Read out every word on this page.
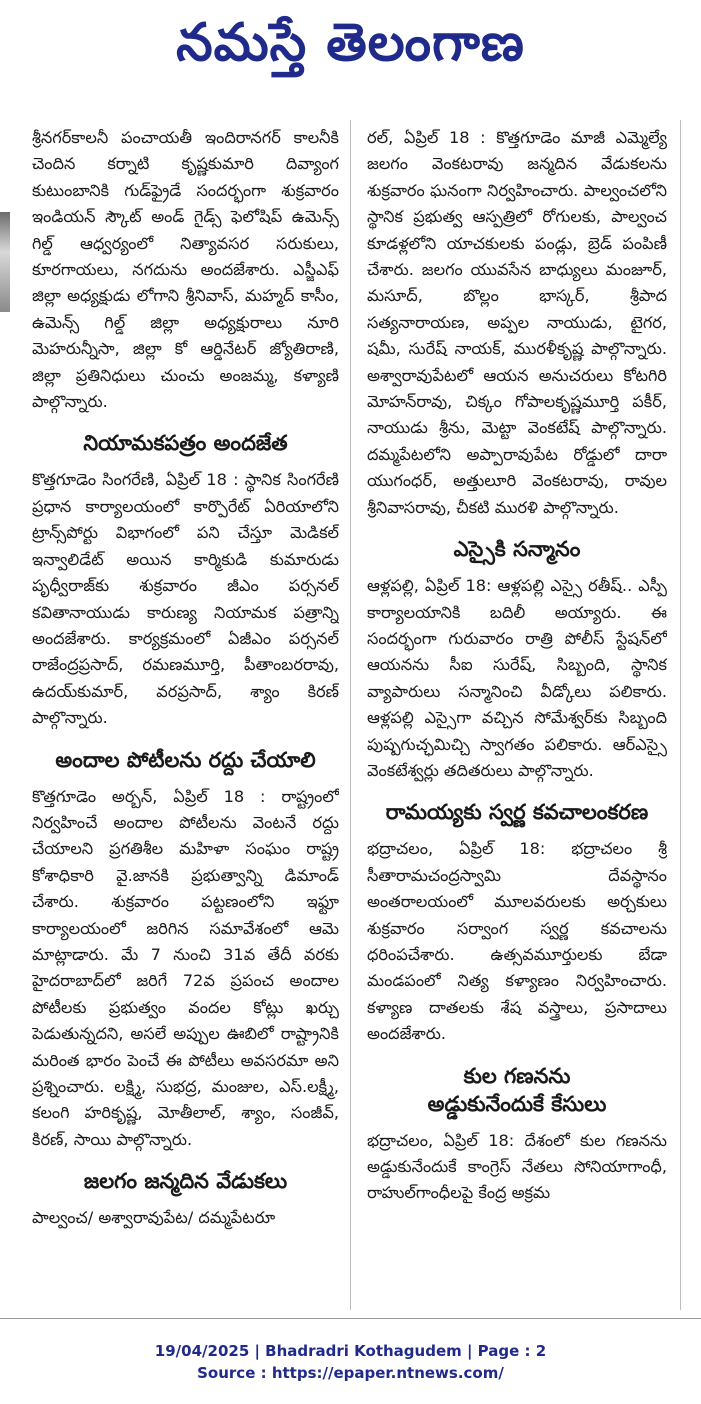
నమస్తే తెలంగాణ

శ్రీనగర్‌కాలనీ పంచాయతీ ఇందిరానగర్ కాలనీకి చెందిన కర్నాటి కృష్ణకుమారి దివ్యాంగ కుటుంబానికి గుడ్‌ఫ్రైడే సందర్భంగా శుక్రవారం ఇండియన్ స్కౌట్ అండ్ గైడ్స్ ఫెలోషిప్ ఉమెన్స్ గిల్డ్ ఆధ్వర్యంలో నిత్యావసర సరుకులు, కూరగాయలు, నగదును అందజేశారు. ఎస్జీఎఫ్ జిల్లా అధ్యక్షుడు లోగాని శ్రీనివాస్, మహ్మద్ కాసీం, ఉమెన్స్ గిల్డ్ జిల్లా అధ్యక్షురాలు నూరి మెహరున్నీసా, జిల్లా కో ఆర్డినేటర్ జ్యోతిరాణి, జిల్లా ప్రతినిధులు చుంచు అంజమ్మ, కళ్యాణి పాల్గొన్నారు.

నియామకపత్రం అందజేత

కొత్తగూడెం సింగరేణి, ఏప్రిల్ 18 : స్థానిక సింగరేణి ప్రధాన కార్యాలయంలో కార్పొరేట్ ఏరియాలోని ట్రాన్స్‌పోర్టు విభాగంలో పని చేస్తూ మెడికల్ ఇన్వాలిడేట్ అయిన కార్మికుడి కుమారుడు పృధ్వీరాజ్‌కు శుక్రవారం జీఎం పర్సనల్ కవితానాయుడు కారుణ్య నియామక పత్రాన్ని అందజేశారు. కార్యక్రమంలో ఏజీఎం పర్సనల్ రాజేంద్రప్రసాద్, రమణమూర్తి, పీతాంబరరావు, ఉదయ్‌కుమార్, వరప్రసాద్, శ్యాం కిరణ్ పాల్గొన్నారు.

అందాల పోటీలను రద్దు చేయాలి

కొత్తగూడెం అర్బన్, ఏప్రిల్ 18 : రాష్ట్రంలో నిర్వహించే అందాల పోటీలను వెంటనే రద్దు చేయాలని ప్రగతిశీల మహిళా సంఘం రాష్ట్ర కోశాధికారి వై.జానకి ప్రభుత్వాన్ని డిమాండ్ చేశారు. శుక్రవారం పట్టణంలోని ఇఫ్టూ కార్యాలయంలో జరిగిన సమావేశంలో ఆమె మాట్లాడారు. మే 7 నుంచి 31వ తేదీ వరకు హైదరాబాద్‌లో జరిగే 72వ ప్రపంచ అందాల పోటీలకు ప్రభుత్వం వందల కోట్లు ఖర్చు పెడుతున్నదని, అసలే అప్పుల ఊబిలో రాష్ట్రానికి మరింత భారం పెంచే ఈ పోటీలు అవసరమా అని ప్రశ్నించారు. లక్ష్మి, సుభద్ర, మంజుల, ఎస్.లక్ష్మీ, కలంగి హరికృష్ణ, మోతీలాల్, శ్యాం, సంజీవ్, కిరణ్, సాయి పాల్గొన్నారు.

జలగం జన్మదిన వేడుకలు

పాల్వంచ/ అశ్వారావుపేట/ దమ్మపేటరూ

రల్, ఏప్రిల్ 18 : కొత్తగూడెం మాజీ ఎమ్మెల్యే జలగం వెంకటరావు జన్మదిన వేడుకలను శుక్రవారం ఘనంగా నిర్వహించారు. పాల్వంచలోని స్థానిక ప్రభుత్వ ఆస్పత్రిలో రోగులకు, పాల్వంచ కూడళ్లలోని యాచకులకు పండ్లు, బ్రెడ్ పంపిణీ చేశారు. జలగం యువసేన బాధ్యులు మంజూర్, మసూద్, బొల్లం భాస్కర్, శ్రీపాద సత్యనారాయణ, అప్పల నాయుడు, టైగర, షమీ, సురేష్ నాయక్, మురళీకృష్ణ పాల్గొన్నారు. అశ్వారావుపేటలో ఆయన అనుచరులు కోటగిరి మోహన్‌రావు, చిక్కం గోపాలకృష్ణమూర్తి పకీర్, నాయుడు శ్రీను, మెట్టా వెంకటేష్ పాల్గొన్నారు. దమ్మపేటలోని అప్పారావుపేట రోడ్డులో దారా యుగంధర్, అత్తులూరి వెంకటరావు, రావుల శ్రీనివాసరావు, చీకటి మురళి పాల్గొన్నారు.

ఎస్సైకి సన్మానం

ఆళ్లపల్లి, ఏప్రిల్ 18: ఆళ్లపల్లి ఎస్సై రతీష్.. ఎస్పీ కార్యాలయానికి బదిలీ అయ్యారు. ఈ సందర్భంగా గురువారం రాత్రి పోలీస్ స్టేషన్‌లో ఆయనను సీఐ సురేష్, సిబ్బంది, స్థానిక వ్యాపారులు సన్మానించి వీడ్కోలు పలికారు. ఆళ్లపల్లి ఎస్సైగా వచ్చిన సోమేశ్వర్‌కు సిబ్బంది పుష్పగుచ్ఛమిచ్చి స్వాగతం పలికారు. ఆర్ఎస్సై వెంకటేశ్వర్లు తదితరులు పాల్గొన్నారు.

రామయ్యకు స్వర్ణ కవచాలంకరణ

భద్రాచలం, ఏప్రిల్ 18: భద్రాచలం శ్రీ సీతారామచంద్రస్వామి దేవస్థానం అంతరాలయంలో మూలవరులకు అర్చకులు శుక్రవారం సర్వాంగ స్వర్ణ కవచాలను ధరింపచేశారు. ఉత్సవమూర్తులకు బేడా మండపంలో నిత్య కళ్యాణం నిర్వహించారు. కళ్యాణ దాతలకు శేష వస్త్రాలు, ప్రసాదాలు అందజేశారు.

కుల గణనను
అడ్డుకునేందుకే కేసులు

భద్రాచలం, ఏప్రిల్ 18: దేశంలో కుల గణనను అడ్డుకునేందుకే కాంగ్రెస్ నేతలు సోనియాగాంధీ, రాహుల్‌గాంధీలపై కేంద్ర అక్రమ

19/04/2025 | Bhadradri Kothagudem | Page : 2
Source : https://epaper.ntnews.com/
